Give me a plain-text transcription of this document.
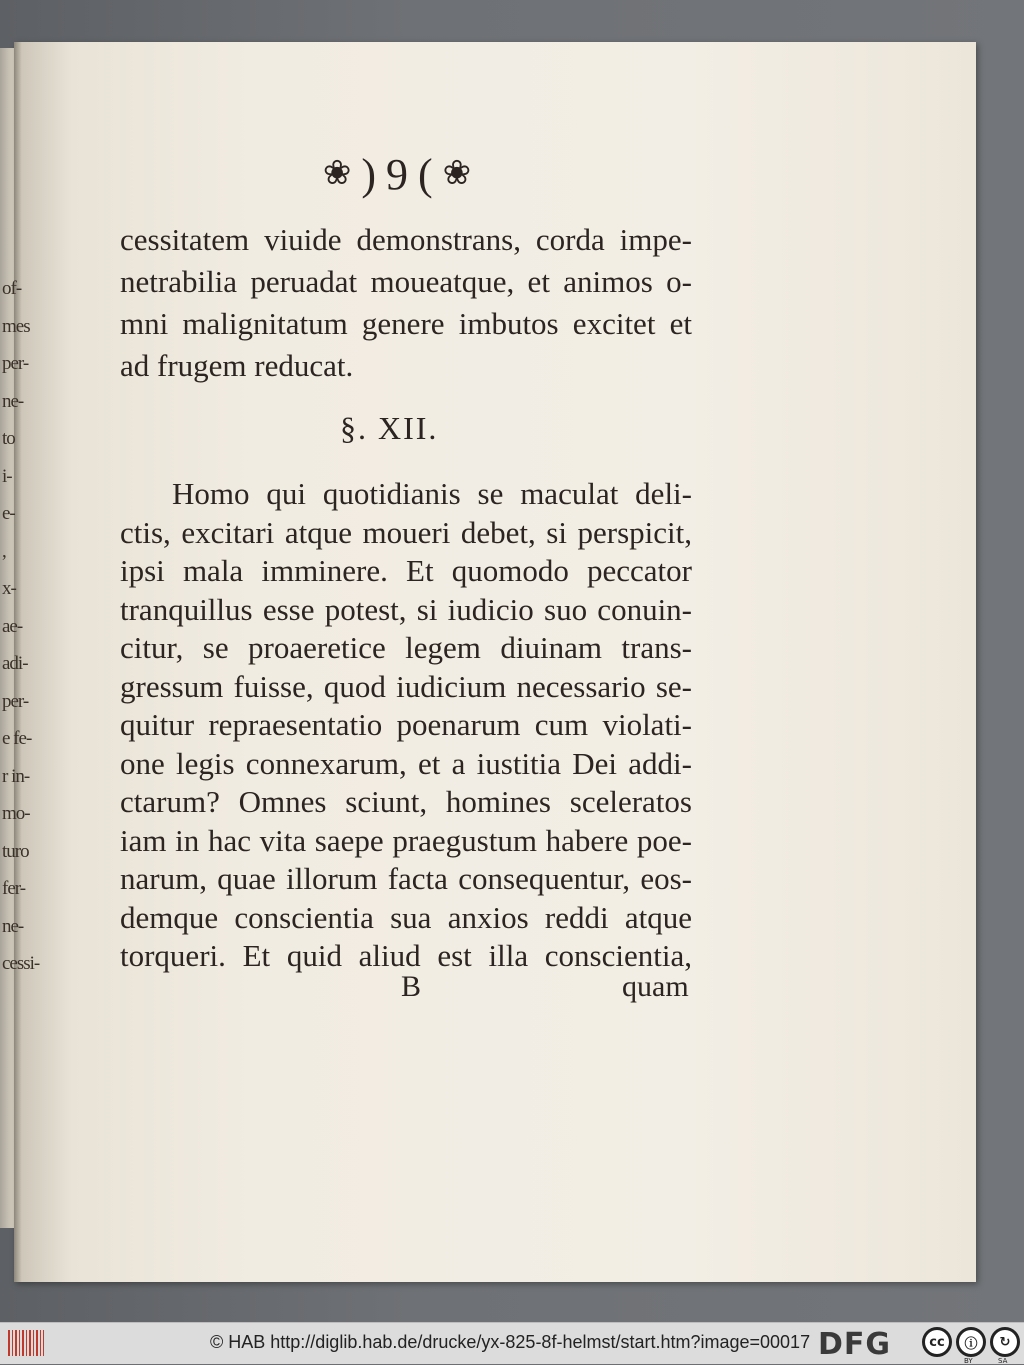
❀ ) 9 ( ❀
cessitatem viuide demonstrans, corda impe-
netrabilia peruadat moueatque, et animos o-
mni malignitatum genere imbutos excitet et
ad frugem reducat.
§. XII.
Homo qui quotidianis se maculat deli-
ctis, excitari atque moueri debet, si perspicit,
ipsi mala imminere. Et quomodo peccator
tranquillus esse potest, si iudicio suo conuin-
citur, se proaeretice legem diuinam trans-
gressum fuisse, quod iudicium necessario se-
quitur repraesentatio poenarum cum violati-
one legis connexarum, et a iustitia Dei addi-
ctarum? Omnes sciunt, homines sceleratos
iam in hac vita saepe praegustum habere poe-
narum, quae illorum facta consequentur, eos-
demque conscientia sua anxios reddi atque
torqueri. Et quid aliud est illa conscientia,
B	quam
of-
mes
per-
ne-
to
i-
e-
,
x-
ae-
adi-
per-
e fe-
r in-
mo-
turo
fer-
ne-
cessi-
© HAB http://diglib.hab.de/drucke/yx-825-8f-helmst/start.htm?image=00017 DFG	cc	ⓘ
BY
↻
SA
